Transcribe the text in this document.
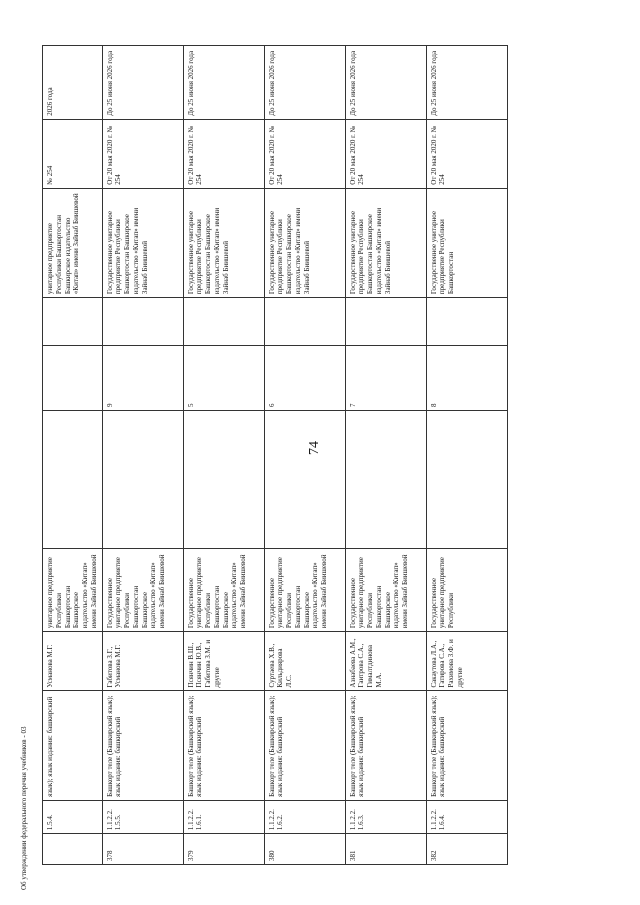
74
	1.5.4.	язык); язык издания: башкирский	Усманова М.Г.	унитарное предприятие Республики Башкортостан Башкирское издательство «Китап» имени Зайнаб Биишевой				унитарное предприятие Республики Башкортостан Башкирское издательство «Китап» имени Зайнаб Биишевой	№ 254	2026 года
378	1.1.2.2. 1.5.5.	Башкорт теле (Башкирский язык); язык издания: башкирский	Габитова З.Г., Усманова М.Г.	Государственное унитарное предприятие Республики Башкортостан Башкирское издательство «Китап» имени Зайнаб Биишевой		9		Государственное унитарное предприятие Республики Башкортостан Башкирское издательство «Китап» имени Зайнаб Биишевой	От 20 мая 2020 г. № 254	До 25 июня 2026 года
379	1.1.2.2. 1.6.1.	Башкорт теле (Башкирский язык); язык издания: башкирский	Псянчин В.Ш., Псянчин Ю.В., Габитова З.М. и другие	Государственное унитарное предприятие Республики Башкортостан Башкирское издательство «Китап» имени Зайнаб Биишевой		5		Государственное унитарное предприятие Республики Башкортостан Башкирское издательство «Китап» имени Зайнаб Биишевой	От 20 мая 2020 г. № 254	До 25 июня 2026 года
380	1.1.2.2. 1.6.2.	Башкорт теле (Башкирский язык); язык издания: башкирский	Суртаева Х.В., Кильдиярова Л.С.	Государственное унитарное предприятие Республики Башкортостан Башкирское издательство «Китап» имени Зайнаб Биишевой		6		Государственное унитарное предприятие Республики Башкортостан Башкирское издательство «Китап» имени Зайнаб Биишевой	От 20 мая 2020 г. № 254	До 25 июня 2026 года
381	1.1.2.2. 1.6.3.	Башкорт теле (Башкирский язык); язык издания: башкирский	Азнабаева А.М., Гаитрова С.А., Гималтдинова М.А.	Государственное унитарное предприятие Республики Башкортостан Башкирское издательство «Китап» имени Зайнаб Биишевой		7		Государственное унитарное предприятие Республики Башкортостан Башкирское издательство «Китап» имени Зайнаб Биишевой	От 20 мая 2020 г. № 254	До 25 июня 2026 года
382	1.1.2.2. 1.6.4.	Башкорт теле (Башкирский язык); язык издания: башкирский	Сакаутова Л.А., Гатирова С.А., Рахимова З.Ф. и другие	Государственное унитарное предприятие Республики		8		Государственное унитарное предприятие Республики Башкортостан	От 20 мая 2020 г. № 254	До 25 июня 2026 года
Об утверждении федерального перечня учебников - 03
